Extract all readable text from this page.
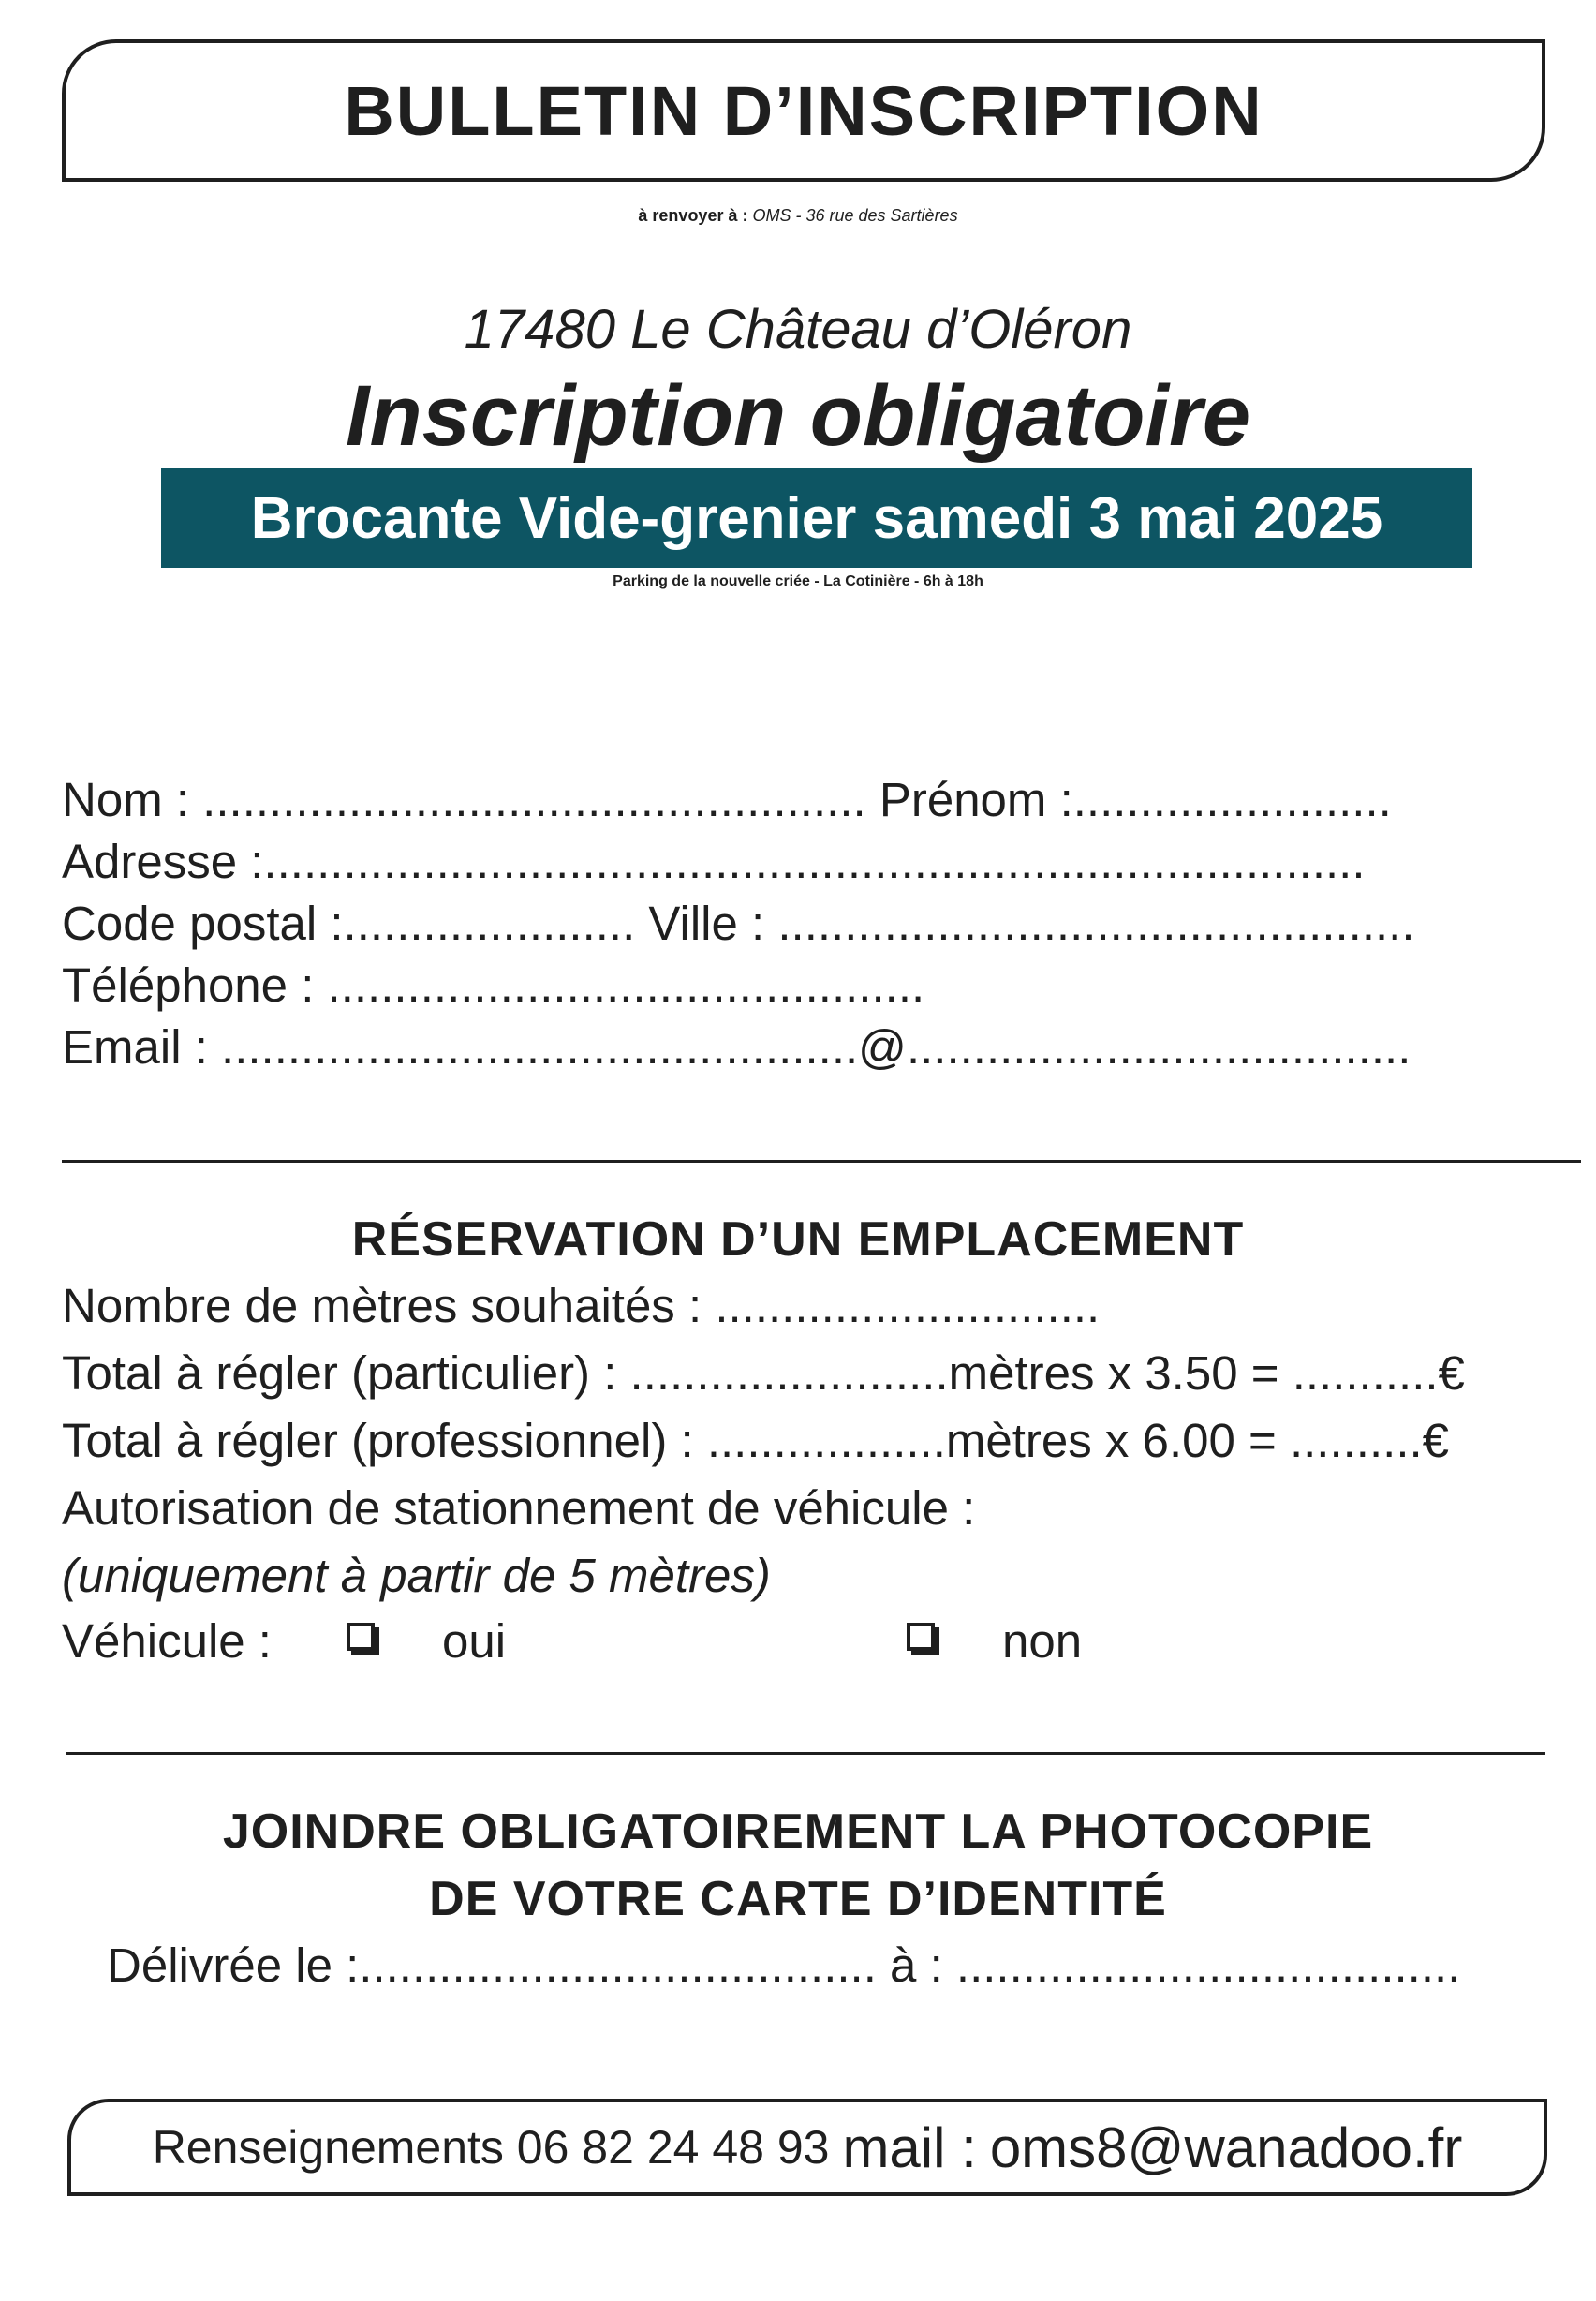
BULLETIN D’INSCRIPTION
à renvoyer à : OMS - 36 rue des Sartières
17480 Le Château d’Oléron
Inscription obligatoire
Brocante Vide-grenier samedi 3 mai 2025
Parking de la nouvelle criée - La Cotinière - 6h à 18h
Nom : .................................................. Prénom :........................
Adresse :...................................................................................
Code postal :...................... Ville : ................................................
Téléphone : .............................................
Email : ................................................@......................................
RÉSERVATION D’UN EMPLACEMENT
Nombre de mètres souhaités : .............................
Total à régler (particulier) : ........................mètres x 3.50 = ...........€
Total à régler (professionnel) : ..................mètres x 6.00 = ..........€
Autorisation de stationnement de véhicule :
(uniquement à partir de 5 mètres)
Véhicule :	oui	non
JOINDRE OBLIGATOIREMENT LA PHOTOCOPIE
DE VOTRE CARTE D’IDENTITÉ
Délivrée le :....................................... à : ......................................
Renseignements 06 82 24 48 93 mail : oms8@wanadoo.fr
